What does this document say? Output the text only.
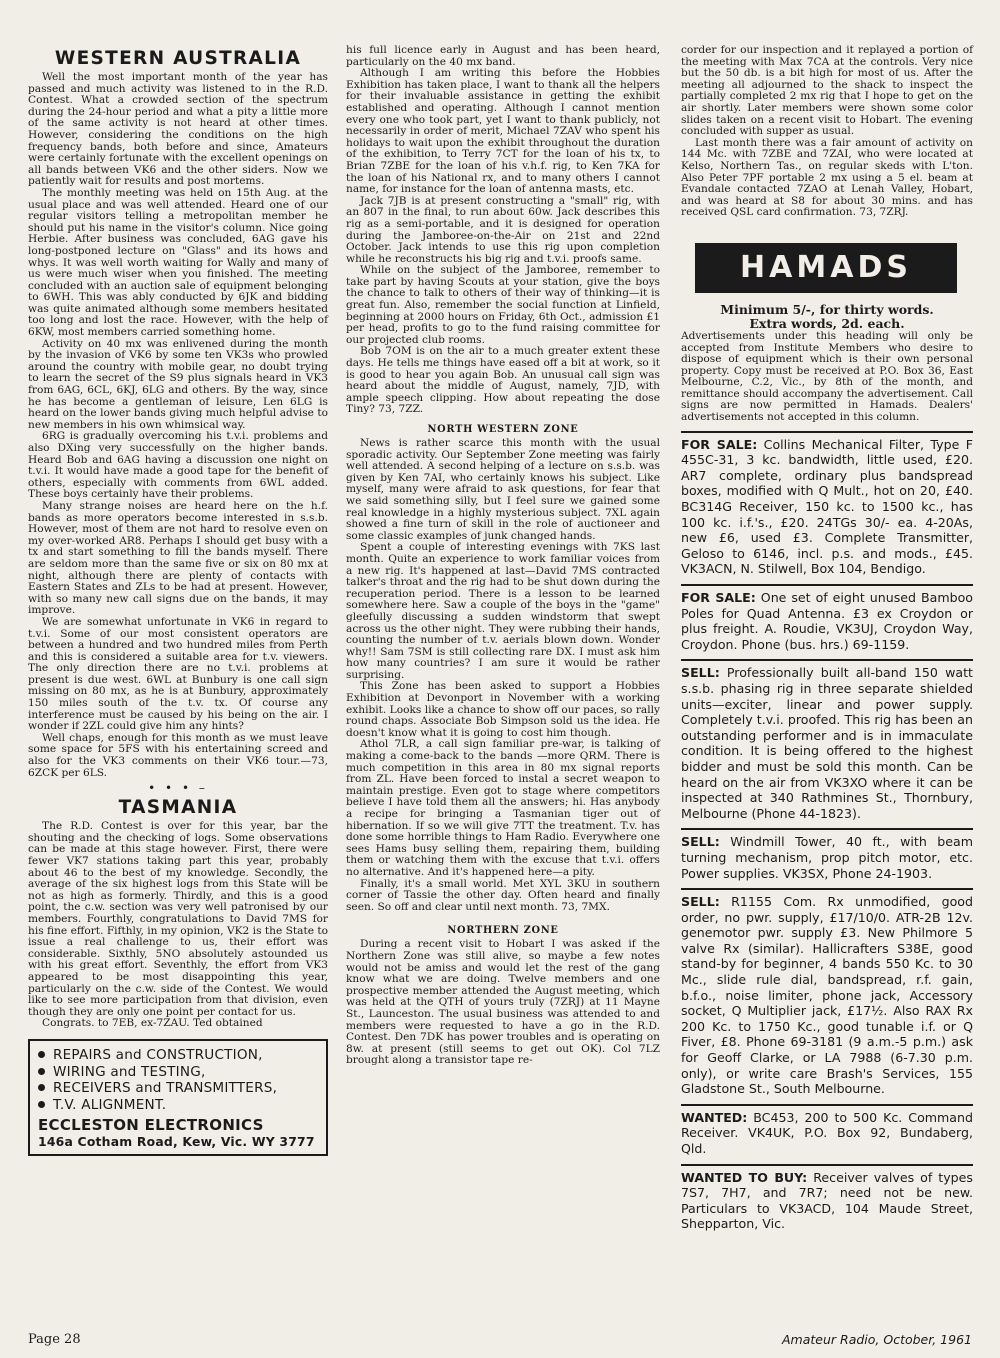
WESTERN AUSTRALIA

Well the most important month of the year has passed and much activity was listened to in the R.D. Contest. What a crowded section of the spectrum during the 24-hour period and what a pity a little more of the same activity is not heard at other times. However, considering the conditions on the high frequency bands, both before and since, Amateurs were certainly fortunate with the excellent openings on all bands between VK6 and the other siders. Now we patiently wait for results and post mortems.

The monthly meeting was held on 15th Aug. at the usual place and was well attended. Heard one of our regular visitors telling a metropolitan member he should put his name in the visitor's column. Nice going Herbie. After business was concluded, 6AG gave his long-postponed lecture on "Glass" and its hows and whys. It was well worth waiting for Wally and many of us were much wiser when you finished. The meeting concluded with an auction sale of equipment belonging to 6WH. This was ably conducted by 6JK and bidding was quite animated although some members hesitated too long and lost the race. However, with the help of 6KW, most members carried something home.

Activity on 40 mx was enlivened during the month by the invasion of VK6 by some ten VK3s who prowled around the country with mobile gear, no doubt trying to learn the secret of the S9 plus signals heard in VK3 from 6AG, 6CL, 6KJ, 6LG and others. By the way, since he has become a gentleman of leisure, Len 6LG is heard on the lower bands giving much helpful advise to new members in his own whimsical way.

6RG is gradually overcoming his t.v.i. problems and also DXing very successfully on the higher bands. Heard Bob and 6AG having a discussion one night on t.v.i. It would have made a good tape for the benefit of others, especially with comments from 6WL added. These boys certainly have their problems.

Many strange noises are heard here on the h.f. bands as more operators become interested in s.s.b. However, most of them are not hard to resolve even on my over-worked AR8. Perhaps I should get busy with a tx and start something to fill the bands myself. There are seldom more than the same five or six on 80 mx at night, although there are plenty of contacts with Eastern States and ZLs to be had at present. However, with so many new call signs due on the bands, it may improve.

We are somewhat unfortunate in VK6 in regard to t.v.i. Some of our most consistent operators are between a hundred and two hundred miles from Perth and this is considered a suitable area for t.v. viewers. The only direction there are no t.v.i. problems at present is due west. 6WL at Bunbury is one call sign missing on 80 mx, as he is at Bunbury, approximately 150 miles south of the t.v. tx. Of course any interference must be caused by his being on the air. I wonder if 2ZL could give him any hints?

Well chaps, enough for this month as we must leave some space for 5FS with his entertaining screed and also for the VK3 comments on their VK6 tour.—73, 6ZCK per 6LS.

• • • –
TASMANIA

The R.D. Contest is over for this year, bar the shouting and the checking of logs. Some observations can be made at this stage however. First, there were fewer VK7 stations taking part this year, probably about 46 to the best of my knowledge. Secondly, the average of the six highest logs from this State will be not as high as formerly. Thirdly, and this is a good point, the c.w. section was very well patronised by our members. Fourthly, congratulations to David 7MS for his fine effort. Fifthly, in my opinion, VK2 is the State to issue a real challenge to us, their effort was considerable. Sixthly, 5NO absolutely astounded us with his great effort. Seventhly, the effort from VK3 appeared to be most disappointing this year, particularly on the c.w. side of the Contest. We would like to see more participation from that division, even though they are only one point per contact for us.

Congrats. to 7EB, ex-7ZAU. Ted obtained

REPAIRS and CONSTRUCTION,
WIRING and TESTING,
RECEIVERS and TRANSMITTERS,
T.V. ALIGNMENT.
ECCLESTON ELECTRONICS
146a Cotham Road, Kew, Vic. WY 3777

his full licence early in August and has been heard, particularly on the 40 mx band.

Although I am writing this before the Hobbies Exhibition has taken place, I want to thank all the helpers for their invaluable assistance in getting the exhibit established and operating. Although I cannot mention every one who took part, yet I want to thank publicly, not necessarily in order of merit, Michael 7ZAV who spent his holidays to wait upon the exhibit throughout the duration of the exhibition, to Terry 7CT for the loan of his tx, to Brian 7ZBE for the loan of his v.h.f. rig, to Ken 7KA for the loan of his National rx, and to many others I cannot name, for instance for the loan of antenna masts, etc.

Jack 7JB is at present constructing a "small" rig, with an 807 in the final, to run about 60w. Jack describes this rig as a semi-portable, and it is designed for operation during the Jamboree-on-the-Air on 21st and 22nd October. Jack intends to use this rig upon completion while he reconstructs his big rig and t.v.i. proofs same.

While on the subject of the Jamboree, remember to take part by having Scouts at your station, give the boys the chance to talk to others of their way of thinking—it is great fun. Also, remember the social function at Linfield, beginning at 2000 hours on Friday, 6th Oct., admission £1 per head, profits to go to the fund raising committee for our projected club rooms.

Bob 7OM is on the air to a much greater extent these days. He tells me things have eased off a bit at work, so it is good to hear you again Bob. An unusual call sign was heard about the middle of August, namely, 7JD, with ample speech clipping. How about repeating the dose Tiny? 73, 7ZZ.

NORTH WESTERN ZONE

News is rather scarce this month with the usual sporadic activity. Our September Zone meeting was fairly well attended. A second helping of a lecture on s.s.b. was given by Ken 7AI, who certainly knows his subject. Like myself, many were afraid to ask questions, for fear that we said something silly, but I feel sure we gained some real knowledge in a highly mysterious subject. 7XL again showed a fine turn of skill in the role of auctioneer and some classic examples of junk changed hands.

Spent a couple of interesting evenings with 7KS last month. Quite an experience to work familiar voices from a new rig. It's happened at last—David 7MS contracted talker's throat and the rig had to be shut down during the recuperation period. There is a lesson to be learned somewhere here. Saw a couple of the boys in the "game" gleefully discussing a sudden windstorm that swept across us the other night. They were rubbing their hands, counting the number of t.v. aerials blown down. Wonder why!! Sam 7SM is still collecting rare DX. I must ask him how many countries? I am sure it would be rather surprising.

This Zone has been asked to support a Hobbies Exhibition at Devonport in November with a working exhibit. Looks like a chance to show off our paces, so rally round chaps. Associate Bob Simpson sold us the idea. He doesn't know what it is going to cost him though.

Athol 7LR, a call sign familiar pre-war, is talking of making a come-back to the bands —more QRM. There is much competition in this area in 80 mx signal reports from ZL. Have been forced to instal a secret weapon to maintain prestige. Even got to stage where competitors believe I have told them all the answers; hi. Has anybody a recipe for bringing a Tasmanian tiger out of hibernation. If so we will give 7TT the treatment. T.v. has done some horrible things to Ham Radio. Everywhere one sees Hams busy selling them, repairing them, building them or watching them with the excuse that t.v.i. offers no alternative. And it's happened here—a pity.

Finally, it's a small world. Met XYL 3KU in southern corner of Tassie the other day. Often heard and finally seen. So off and clear until next month. 73, 7MX.

NORTHERN ZONE

During a recent visit to Hobart I was asked if the Northern Zone was still alive, so maybe a few notes would not be amiss and would let the rest of the gang know what we are doing. Twelve members and one prospective member attended the August meeting, which was held at the QTH of yours truly (7ZRJ) at 11 Mayne St., Launceston. The usual business was attended to and members were requested to have a go in the R.D. Contest. Den 7DK has power troubles and is operating on 8w. at present (still seems to get out OK). Col 7LZ brought along a transistor tape re-

corder for our inspection and it replayed a portion of the meeting with Max 7CA at the controls. Very nice but the 50 db. is a bit high for most of us. After the meeting all adjourned to the shack to inspect the partially completed 2 mx rig that I hope to get on the air shortly. Later members were shown some color slides taken on a recent visit to Hobart. The evening concluded with supper as usual.

Last month there was a fair amount of activity on 144 Mc. with 7ZBE and 7ZAI, who were located at Kelso, Northern Tas., on regular skeds with L'ton. Also Peter 7PF portable 2 mx using a 5 el. beam at Evandale contacted 7ZAO at Lenah Valley, Hobart, and was heard at S8 for about 30 mins. and has received QSL card confirmation. 73, 7ZRJ.

HAMADS
Minimum 5/-, for thirty words.
Extra words, 2d. each.

Advertisements under this heading will only be accepted from Institute Members who desire to dispose of equipment which is their own personal property. Copy must be received at P.O. Box 36, East Melbourne, C.2, Vic., by 8th of the month, and remittance should accompany the advertisement. Call signs are now permitted in Hamads. Dealers' advertisements not accepted in this column.

FOR SALE: Collins Mechanical Filter, Type F 455C-31, 3 kc. bandwidth, little used, £20. AR7 complete, ordinary plus bandspread boxes, modified with Q Mult., hot on 20, £40. BC314G Receiver, 150 kc. to 1500 kc., has 100 kc. i.f.'s., £20. 24TGs 30/- ea. 4-20As, new £6, used £3. Complete Transmitter, Geloso to 6146, incl. p.s. and mods., £45. VK3ACN, N. Stilwell, Box 104, Bendigo.

FOR SALE: One set of eight unused Bamboo Poles for Quad Antenna. £3 ex Croydon or plus freight. A. Roudie, VK3UJ, Croydon Way, Croydon. Phone (bus. hrs.) 69-1159.

SELL: Professionally built all-band 150 watt s.s.b. phasing rig in three separate shielded units—exciter, linear and power supply. Completely t.v.i. proofed. This rig has been an outstanding performer and is in immaculate condition. It is being offered to the highest bidder and must be sold this month. Can be heard on the air from VK3XO where it can be inspected at 340 Rathmines St., Thornbury, Melbourne (Phone 44-1823).

SELL: Windmill Tower, 40 ft., with beam turning mechanism, prop pitch motor, etc. Power supplies. VK3SX, Phone 24-1903.

SELL: R1155 Com. Rx unmodified, good order, no pwr. supply, £17/10/0. ATR-2B 12v. genemotor pwr. supply £3. New Philmore 5 valve Rx (similar). Hallicrafters S38E, good stand-by for beginner, 4 bands 550 Kc. to 30 Mc., slide rule dial, bandspread, r.f. gain, b.f.o., noise limiter, phone jack, Accessory socket, Q Multiplier jack, £17½. Also RAX Rx 200 Kc. to 1750 Kc., good tunable i.f. or Q Fiver, £8. Phone 69-3181 (9 a.m.-5 p.m.) ask for Geoff Clarke, or LA 7988 (6-7.30 p.m. only), or write care Brash's Services, 155 Gladstone St., South Melbourne.

WANTED: BC453, 200 to 500 Kc. Command Receiver. VK4UK, P.O. Box 92, Bundaberg, Qld.

WANTED TO BUY: Receiver valves of types 7S7, 7H7, and 7R7; need not be new. Particulars to VK3ACD, 104 Maude Street, Shepparton, Vic.

Page 28	Amateur Radio, October, 1961
